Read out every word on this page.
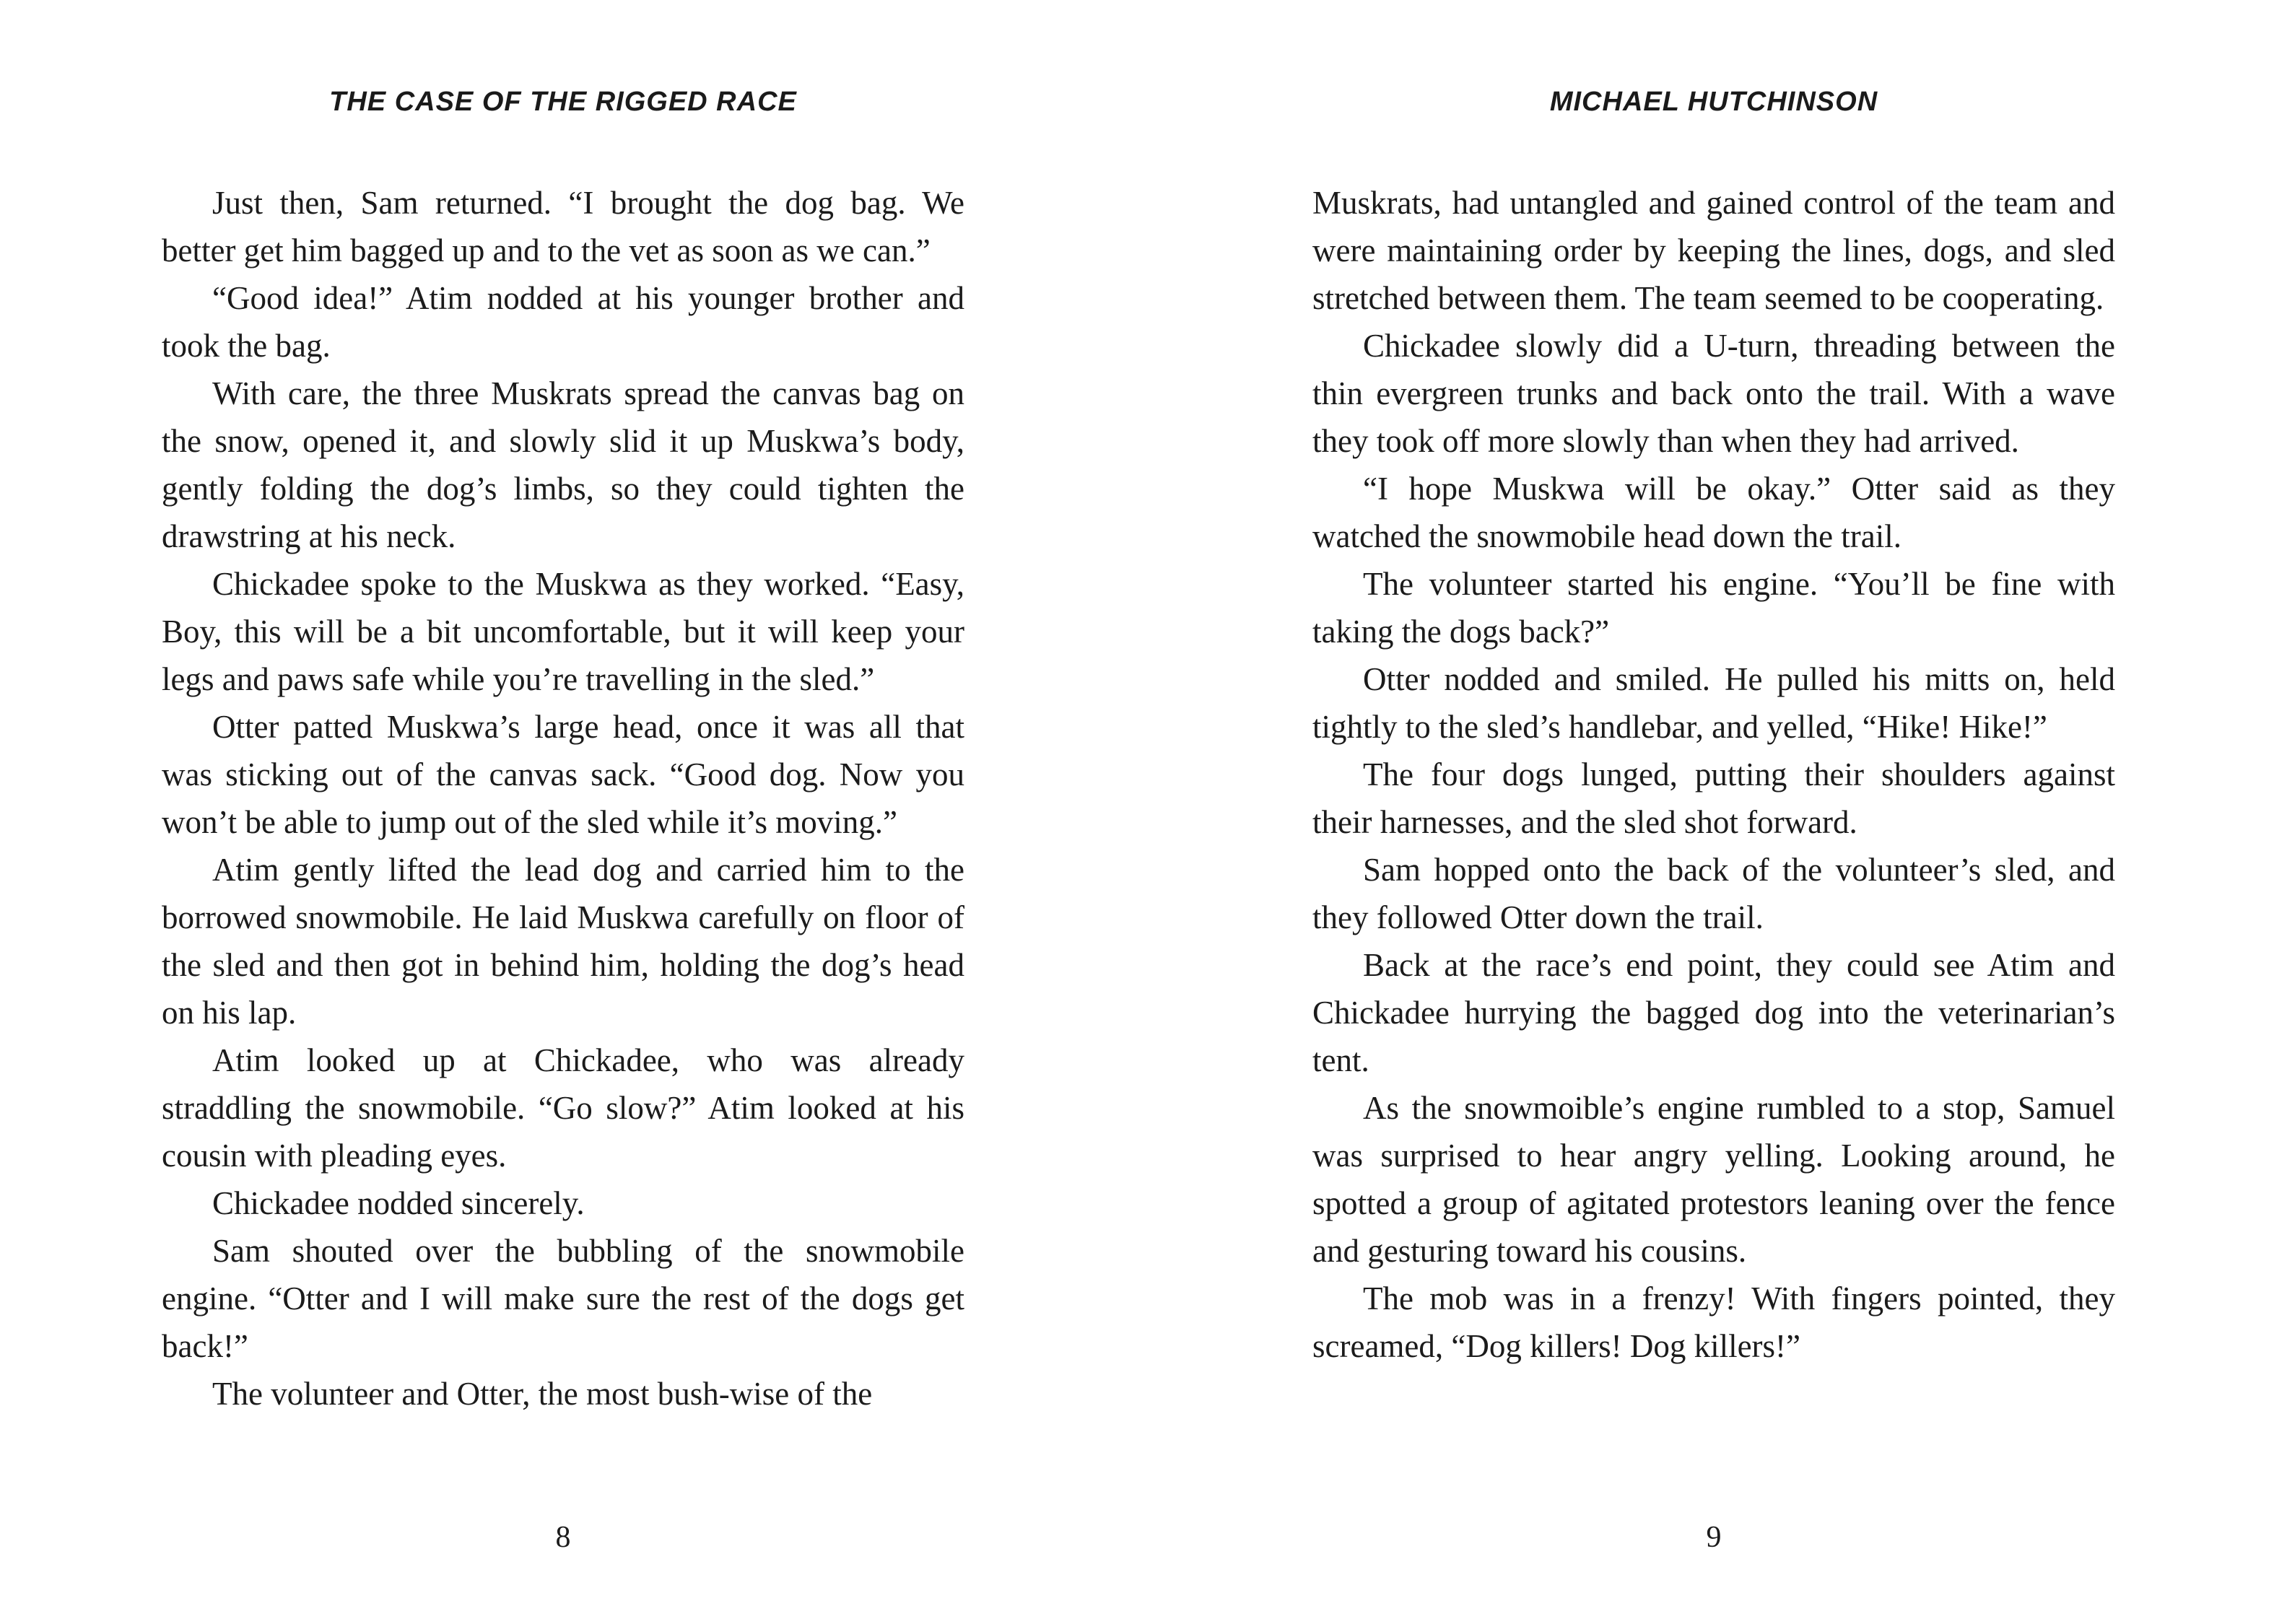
THE CASE OF THE RIGGED RACE

Just then, Sam returned. “I brought the dog bag. We better get him bagged up and to the vet as soon as we can.”

“Good idea!” Atim nodded at his younger brother and took the bag.

With care, the three Muskrats spread the canvas bag on the snow, opened it, and slowly slid it up Muskwa’s body, gently folding the dog’s limbs, so they could tighten the drawstring at his neck.

Chickadee spoke to the Muskwa as they worked. “Easy, Boy, this will be a bit uncomfortable, but it will keep your legs and paws safe while you’re travelling in the sled.”

Otter patted Muskwa’s large head, once it was all that was sticking out of the canvas sack. “Good dog. Now you won’t be able to jump out of the sled while it’s moving.”

Atim gently lifted the lead dog and carried him to the borrowed snowmobile. He laid Muskwa carefully on floor of the sled and then got in behind him, holding the dog’s head on his lap.

Atim looked up at Chickadee, who was already straddling the snowmobile. “Go slow?” Atim looked at his cousin with pleading eyes.

Chickadee nodded sincerely.

Sam shouted over the bubbling of the snowmobile engine. “Otter and I will make sure the rest of the dogs get back!”

The volunteer and Otter, the most bush-wise of the

8
MICHAEL HUTCHINSON

Muskrats, had untangled and gained control of the team and were maintaining order by keeping the lines, dogs, and sled stretched between them. The team seemed to be cooperating.

Chickadee slowly did a U-turn, threading between the thin evergreen trunks and back onto the trail. With a wave they took off more slowly than when they had arrived.

“I hope Muskwa will be okay.” Otter said as they watched the snowmobile head down the trail.

The volunteer started his engine. “You’ll be fine with taking the dogs back?”

Otter nodded and smiled. He pulled his mitts on, held tightly to the sled’s handlebar, and yelled, “Hike! Hike!”

The four dogs lunged, putting their shoulders against their harnesses, and the sled shot forward.

Sam hopped onto the back of the volunteer’s sled, and they followed Otter down the trail.

Back at the race’s end point, they could see Atim and Chickadee hurrying the bagged dog into the veterinarian’s tent.

As the snowmoible’s engine rumbled to a stop, Samuel was surprised to hear angry yelling. Looking around, he spotted a group of agitated protestors leaning over the fence and gesturing toward his cousins.

The mob was in a frenzy! With fingers pointed, they screamed, “Dog killers! Dog killers!”

9
